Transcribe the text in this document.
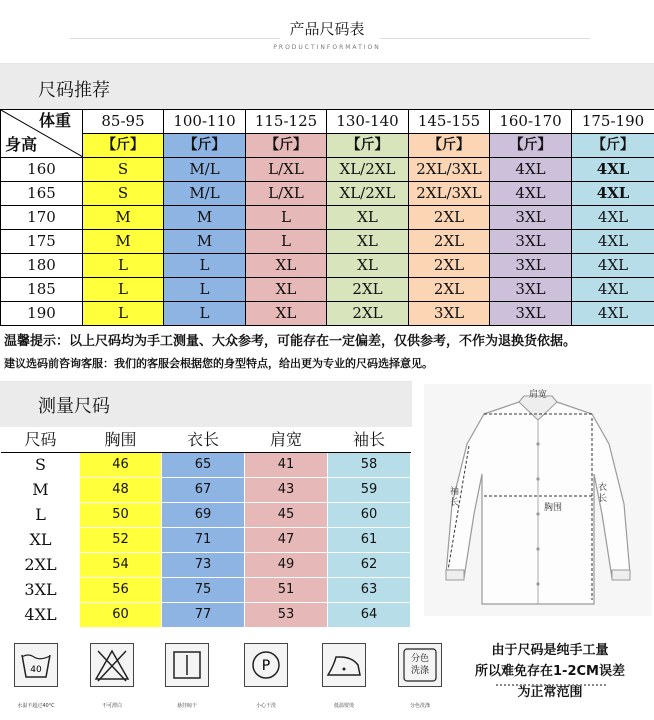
产品尺码表
PRODUCTINFORMATION
尺码推荐
体重
身高	85-95	100-110	115-125	130-140	145-155	160-170	175-190
	【斤】	【斤】	【斤】	【斤】	【斤】	【斤】	【斤】
160	S	M/L	L/XL	XL/2XL	2XL/3XL	4XL	4XL
165	S	M/L	L/XL	XL/2XL	2XL/3XL	4XL	4XL
170	M	M	L	XL	2XL	3XL	4XL
175	M	M	L	XL	2XL	3XL	4XL
180	L	L	XL	XL	2XL	3XL	4XL
185	L	L	XL	2XL	2XL	3XL	4XL
190	L	L	XL	2XL	3XL	3XL	4XL
温馨提示：以上尺码均为手工测量、大众参考，可能存在一定偏差，仅供参考，不作为退换货依据。
建议选码前咨询客服：我们的客服会根据您的身型特点，给出更为专业的尺码选择意见。
测量尺码
尺码	胸围	衣长	肩宽	袖长
S	46	65	41	58
M	48	67	43	59
L	50	69	45	60
XL	52	71	47	61
2XL	54	73	49	62
3XL	56	75	51	63
4XL	60	77	53	64
肩宽
袖长
衣长
胸围
由于尺码是纯手工量
所以难免存在1-2CM误差
为正常范围
40
水温不超过40°C	不可漂白	悬挂晾干
P
小心干洗	低温熨烫
分色
洗涤
分色洗涤
